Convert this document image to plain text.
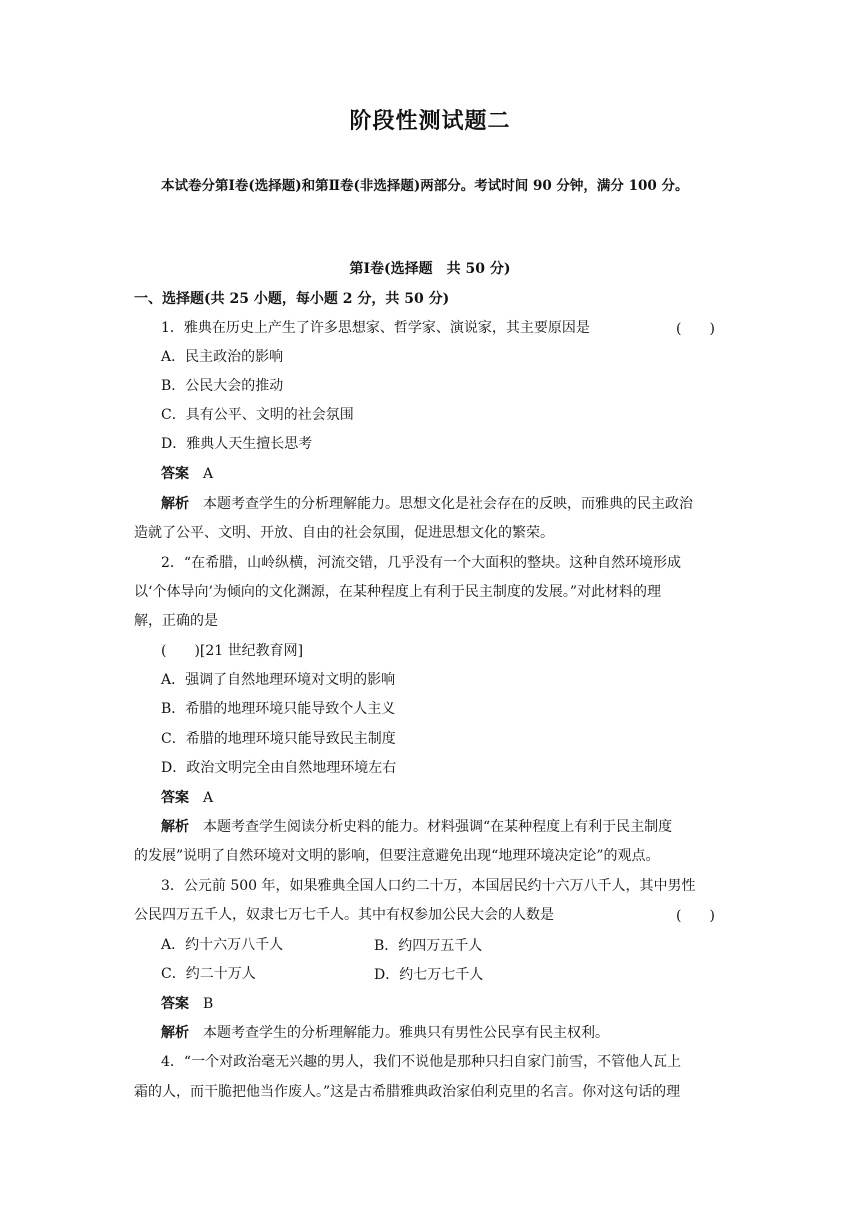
阶段性测试题二
本试卷分第Ⅰ卷(选择题)和第Ⅱ卷(非选择题)两部分。考试时间 90 分钟，满分 100 分。
第Ⅰ卷(选择题　共 50 分)
一、选择题(共 25 小题，每小题 2 分，共 50 分)
1．雅典在历史上产生了许多思想家、哲学家、演说家，其主要原因是	(　　)
A．民主政治的影响
B．公民大会的推动
C．具有公平、文明的社会氛围
D．雅典人天生擅长思考
答案 A
解析 本题考查学生的分析理解能力。思想文化是社会存在的反映，而雅典的民主政治
造就了公平、文明、开放、自由的社会氛围，促进思想文化的繁荣。
2．“在希腊，山岭纵横，河流交错，几乎没有一个大面积的整块。这种自然环境形成
以‘个体导向’为倾向的文化渊源，在某种程度上有利于民主制度的发展。”对此材料的理
解，正确的是
(　　)[21 世纪教育网]
A．强调了自然地理环境对文明的影响
B．希腊的地理环境只能导致个人主义
C．希腊的地理环境只能导致民主制度
D．政治文明完全由自然地理环境左右
答案 A
解析 本题考查学生阅读分析史料的能力。材料强调“在某种程度上有利于民主制度
的发展”说明了自然环境对文明的影响，但要注意避免出现“地理环境决定论”的观点。
3．公元前 500 年，如果雅典全国人口约二十万，本国居民约十六万八千人，其中男性
公民四万五千人，奴隶七万七千人。其中有权参加公民大会的人数是	(　　)
A．约十六万八千人	B．约四万五千人
C．约二十万人	D．约七万七千人
答案 B
解析 本题考查学生的分析理解能力。雅典只有男性公民享有民主权利。
4．“一个对政治毫无兴趣的男人，我们不说他是那种只扫自家门前雪，不管他人瓦上
霜的人，而干脆把他当作废人。”这是古希腊雅典政治家伯利克里的名言。你对这句话的理
